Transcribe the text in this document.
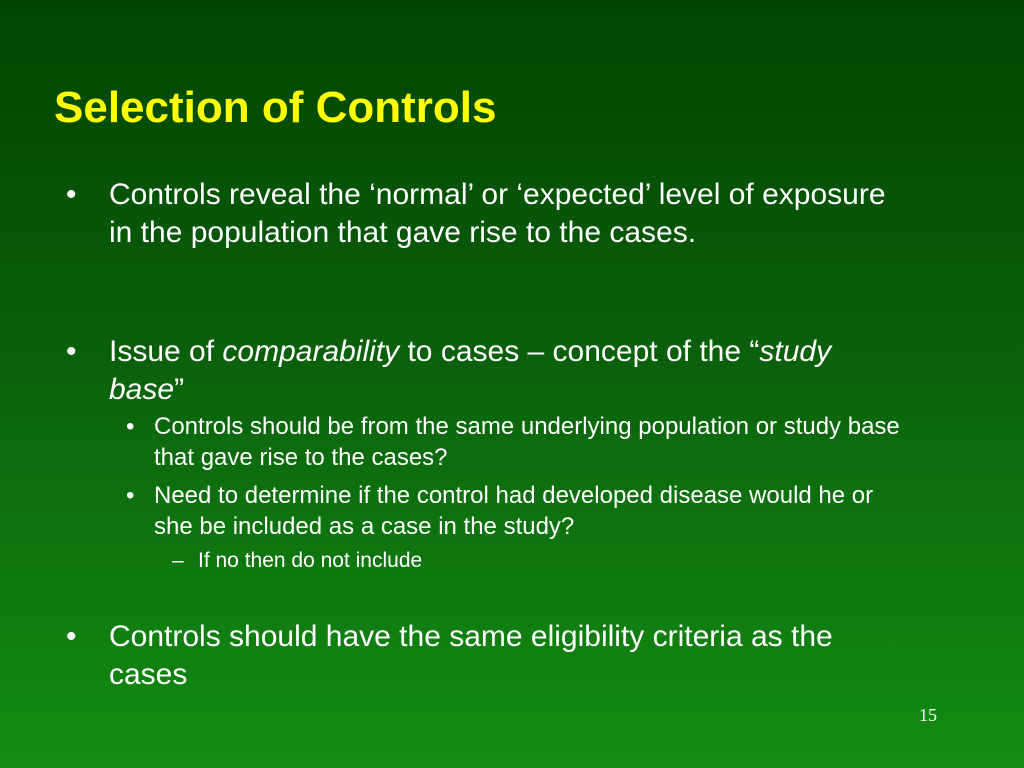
Selection of Controls
• Controls reveal the ‘normal’ or ‘expected’ level of exposure in the population that gave rise to the cases.
• Issue of comparability to cases – concept of the “study base”
• Controls should be from the same underlying population or study base that gave rise to the cases?
• Need to determine if the control had developed disease would he or she be included as a case in the study?
– If no then do not include
• Controls should have the same eligibility criteria as the cases
15
